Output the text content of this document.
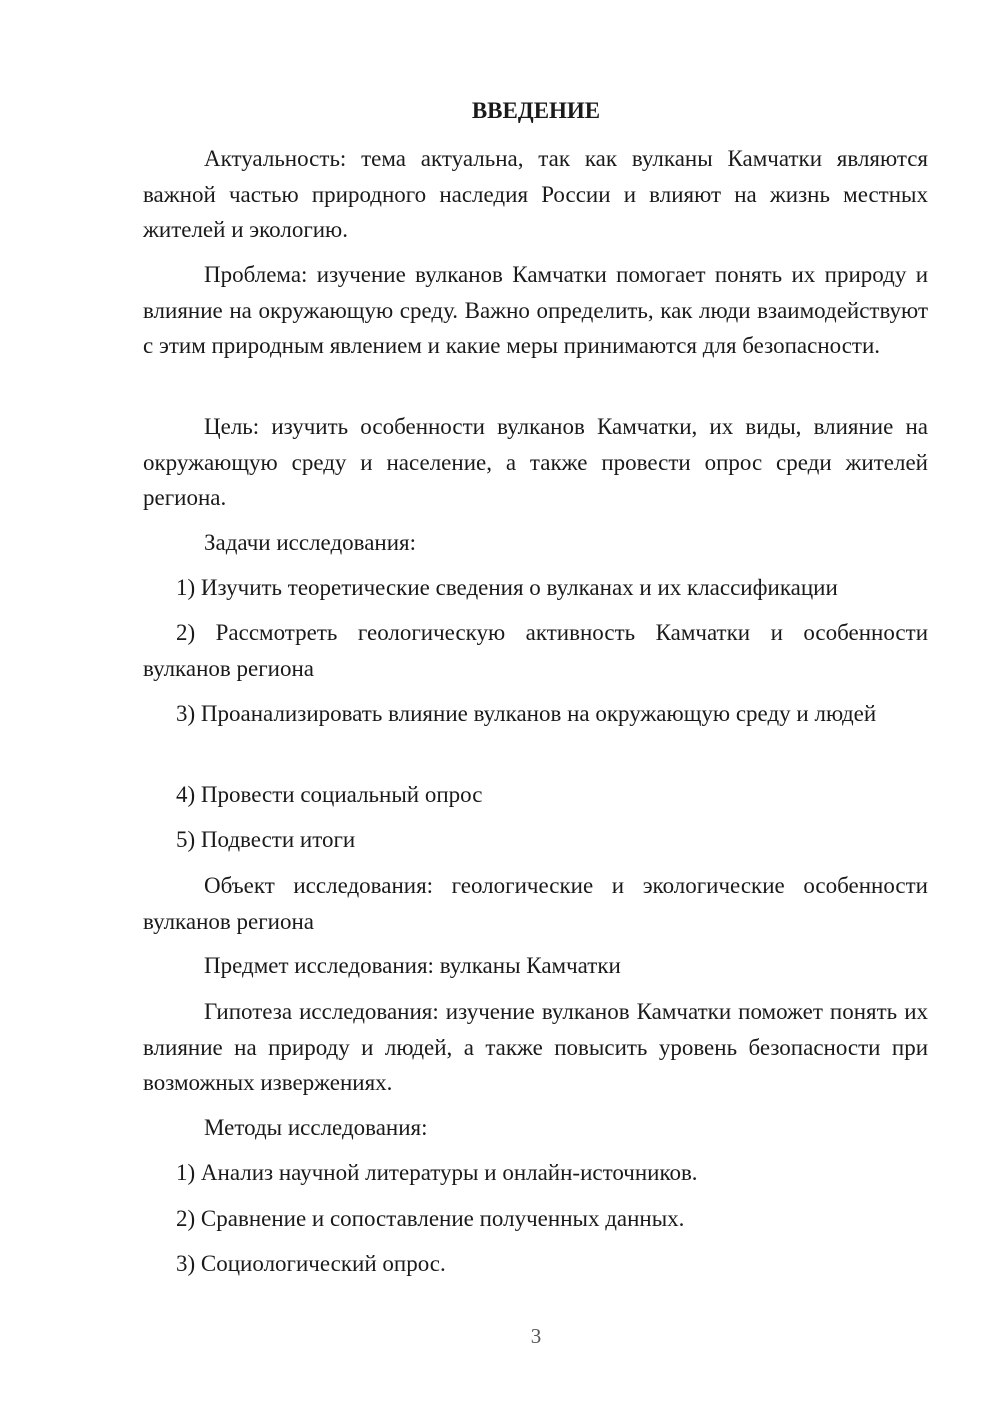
ВВЕДЕНИЕ

Актуальность: тема актуальна, так как вулканы Камчатки являются важной частью природного наследия России и влияют на жизнь местных жителей и экологию.

Проблема: изучение вулканов Камчатки помогает понять их природу и влияние на окружающую среду. Важно определить, как люди взаимодействуют с этим природным явлением и какие меры принимаются для безопасности.

Цель: изучить особенности вулканов Камчатки, их виды, влияние на окружающую среду и население, а также провести опрос среди жителей региона.

Задачи исследования:

1) Изучить теоретические сведения о вулканах и их классификации

2) Рассмотреть геологическую активность Камчатки и особенности вулканов региона

3) Проанализировать влияние вулканов на окружающую среду и людей

4) Провести социальный опрос

5) Подвести итоги

Объект исследования: геологические и экологические особенности вулканов региона

Предмет исследования: вулканы Камчатки

Гипотеза исследования: изучение вулканов Камчатки поможет понять их влияние на природу и людей, а также повысить уровень безопасности при возможных извержениях.

Методы исследования:

1) Анализ научной литературы и онлайн-источников.

2) Сравнение и сопоставление полученных данных.

3) Социологический опрос.

3
